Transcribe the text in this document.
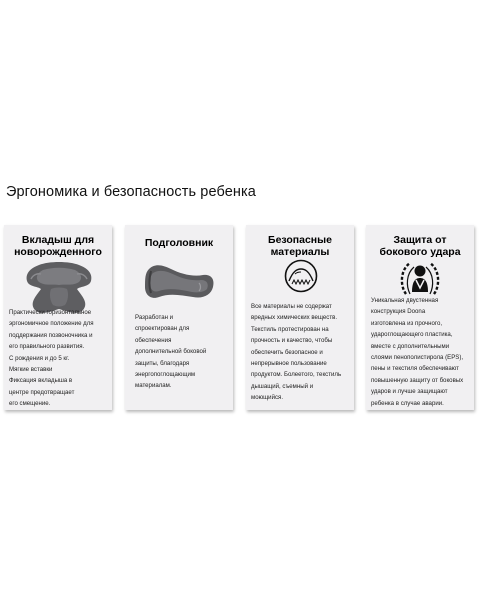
Эргономика и безопасность ребенка
Вкладыш для
новорожденного
Практически горизонтальное
эргономичное положение для
поддержания позвоночника и
его правильного развития.
С рождения и до 5 кг.
Мягкие вставки
Фиксация вкладыша в
центре предотвращает
его смещение.
Подголовник
Разработан и
спроектирован для
обеспечения
дополнительной боковой
защиты, благодаря
энергопоглощающим
материалам.
Безопасные
материалы
Все материалы не содержат
вредных химических веществ.
Текстиль протестирован на
прочность и качество, чтобы
обеспечить безопасное и
непрерывное пользование
продуктом. Болеетого, текстиль
дышащий, съемный и
моющийся.
Защита от
бокового удара
Уникальная двустенная
конструкция Doona
изготовлена из прочного,
удароглощающего пластика,
вместе с дополнительными
слоями пенополистирола (EPS),
пены и текстиля обеспечивают
повышенную защиту от боковых
ударов и лучше защищают
ребенка в случае аварии.
